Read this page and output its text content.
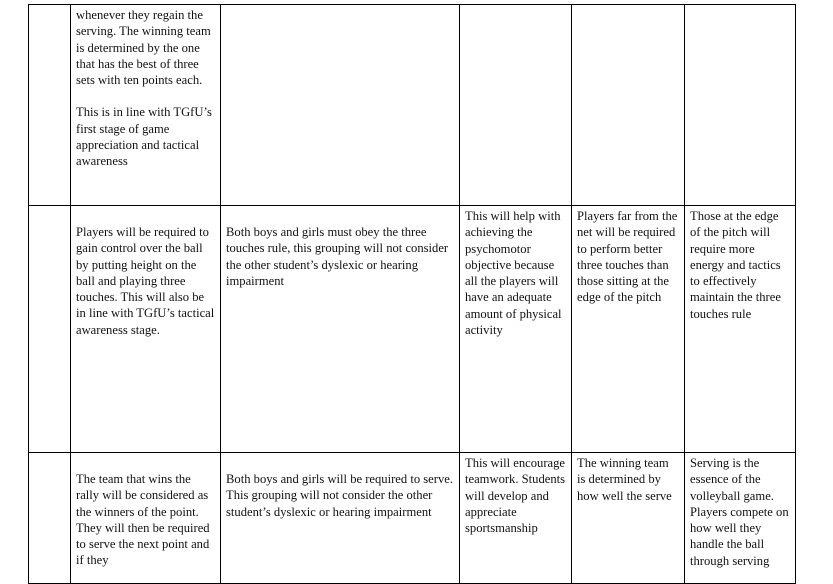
	whenever they regain the serving. The winning team is determined by the one that has the best of three sets with ten points each.

This is in line with TGfU’s first stage of game appreciation and tactical awareness				

	Players will be required to gain control over the ball by putting height on the ball and playing three touches. This will also be in line with TGfU’s tactical awareness stage.	Both boys and girls must obey the three touches rule, this grouping will not consider the other student’s dyslexic or hearing impairment	This will help with achieving the psychomotor objective because all the players will have an adequate amount of physical activity	Players far from the net will be required to perform better three touches than those sitting at the edge of the pitch	Those at the edge of the pitch will require more energy and tactics to effectively maintain the three touches rule
	The team that wins the rally will be considered as the winners of the point. They will then be required to serve the next point and if they	Both boys and girls will be required to serve. This grouping will not consider the other student’s dyslexic or hearing impairment	This will encourage teamwork. Students will develop and appreciate sportsmanship	The winning team is determined by how well the serve	Serving is the essence of the volleyball game. Players compete on how well they handle the ball through serving
